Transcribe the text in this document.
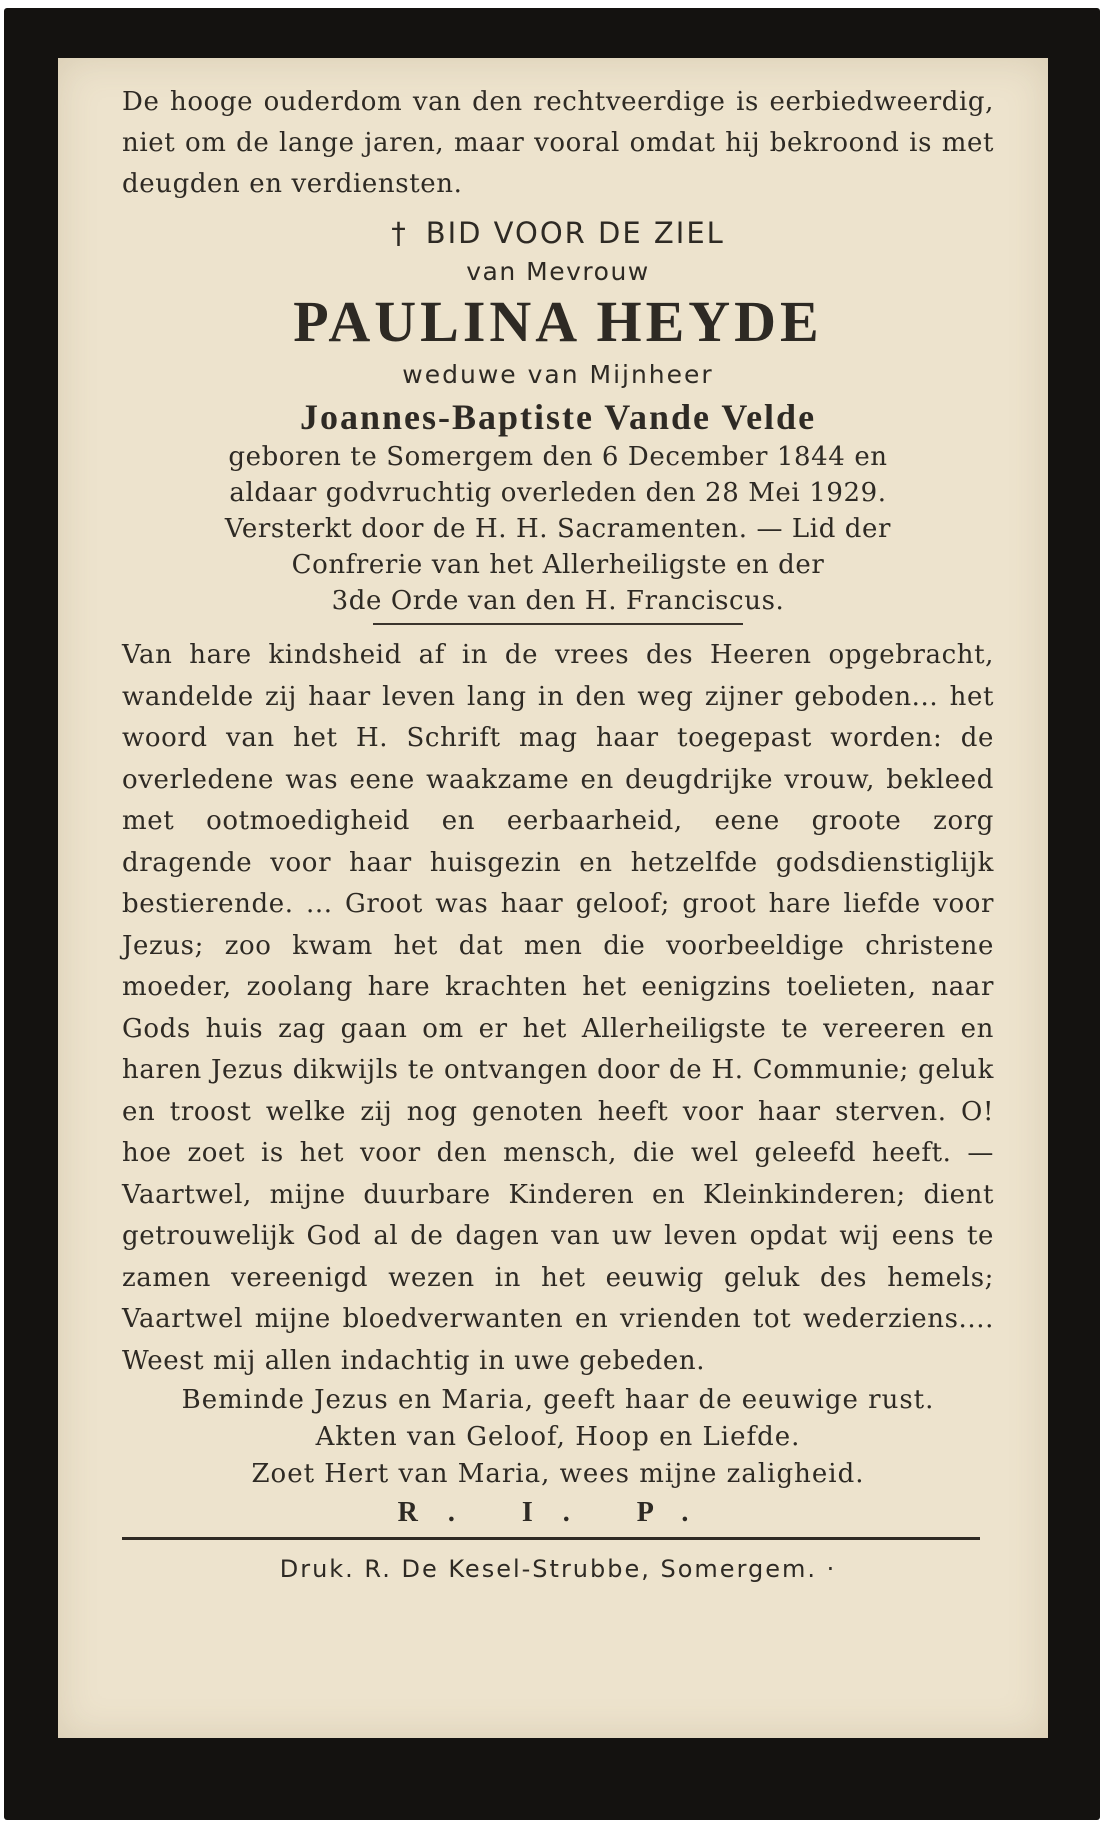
De hooge ouderdom van den rechtveerdige is eerbiedweerdig, niet om de lange jaren, maar vooral omdat hij bekroond is met deugden en verdiensten.

† BID VOOR DE ZIEL
van Mevrouw
PAULINA HEYDE
weduwe van Mijnheer
Joannes-Baptiste Vande Velde
geboren te Somergem den 6 December 1844 en
aldaar godvruchtig overleden den 28 Mei 1929.
Versterkt door de H. H. Sacramenten. — Lid der
Confrerie van het Allerheiligste en der
3de Orde van den H. Franciscus.

Van hare kindsheid af in de vrees des Heeren opgebracht, wandelde zij haar leven lang in den weg zijner geboden... het woord van het H. Schrift mag haar toegepast worden: de overledene was eene waakzame en deugdrijke vrouw, bekleed met ootmoedigheid en eerbaarheid, eene groote zorg dragende voor haar huisgezin en hetzelfde godsdienstiglijk bestierende. ... Groot was haar geloof; groot hare liefde voor Jezus; zoo kwam het dat men die voorbeeldige christene moeder, zoolang hare krachten het eenigzins toelieten, naar Gods huis zag gaan om er het Allerheiligste te vereeren en haren Jezus dikwijls te ontvangen door de H. Communie; geluk en troost welke zij nog genoten heeft voor haar sterven. O! hoe zoet is het voor den mensch, die wel geleefd heeft. — Vaartwel, mijne duurbare Kinderen en Kleinkinderen; dient getrouwelijk God al de dagen van uw leven opdat wij eens te zamen vereenigd wezen in het eeuwig geluk des hemels; Vaartwel mijne bloedverwanten en vrienden tot wederziens.... Weest mij allen indachtig in uwe gebeden.

Beminde Jezus en Maria, geeft haar de eeuwige rust.
Akten van Geloof, Hoop en Liefde.
Zoet Hert van Maria, wees mijne zaligheid.
R. I. P.
Druk. R. De Kesel-Strubbe, Somergem. ·
